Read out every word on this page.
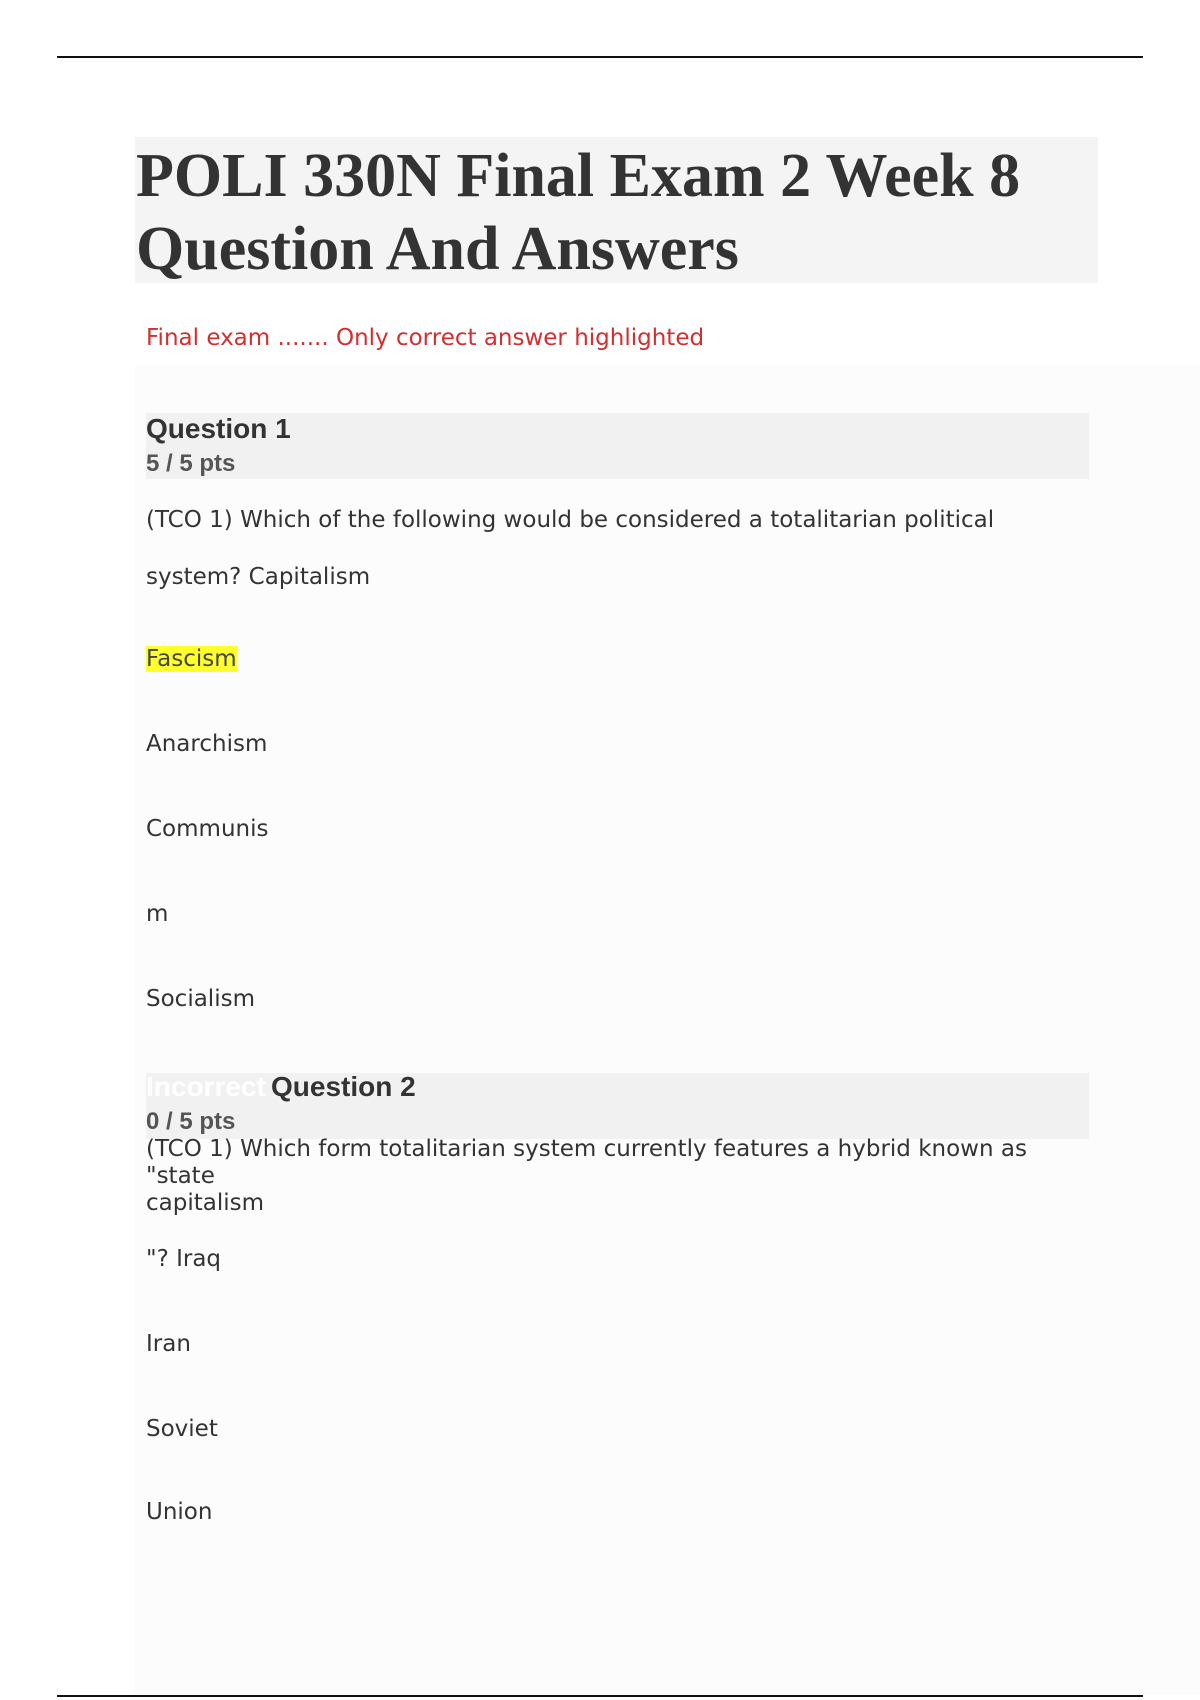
POLI 330N Final Exam 2 Week 8 Question And Answers

Final exam ....... Only correct answer highlighted

Question 1
5 / 5 pts
(TCO 1) Which of the following would be considered a totalitarian political
system? Capitalism
Fascism
Anarchism
Communis
m
Socialism
Incorrect Question 2
0 / 5 pts
(TCO 1) Which form totalitarian system currently features a hybrid known as
"state
capitalism
"? Iraq
Iran
Soviet
Union
